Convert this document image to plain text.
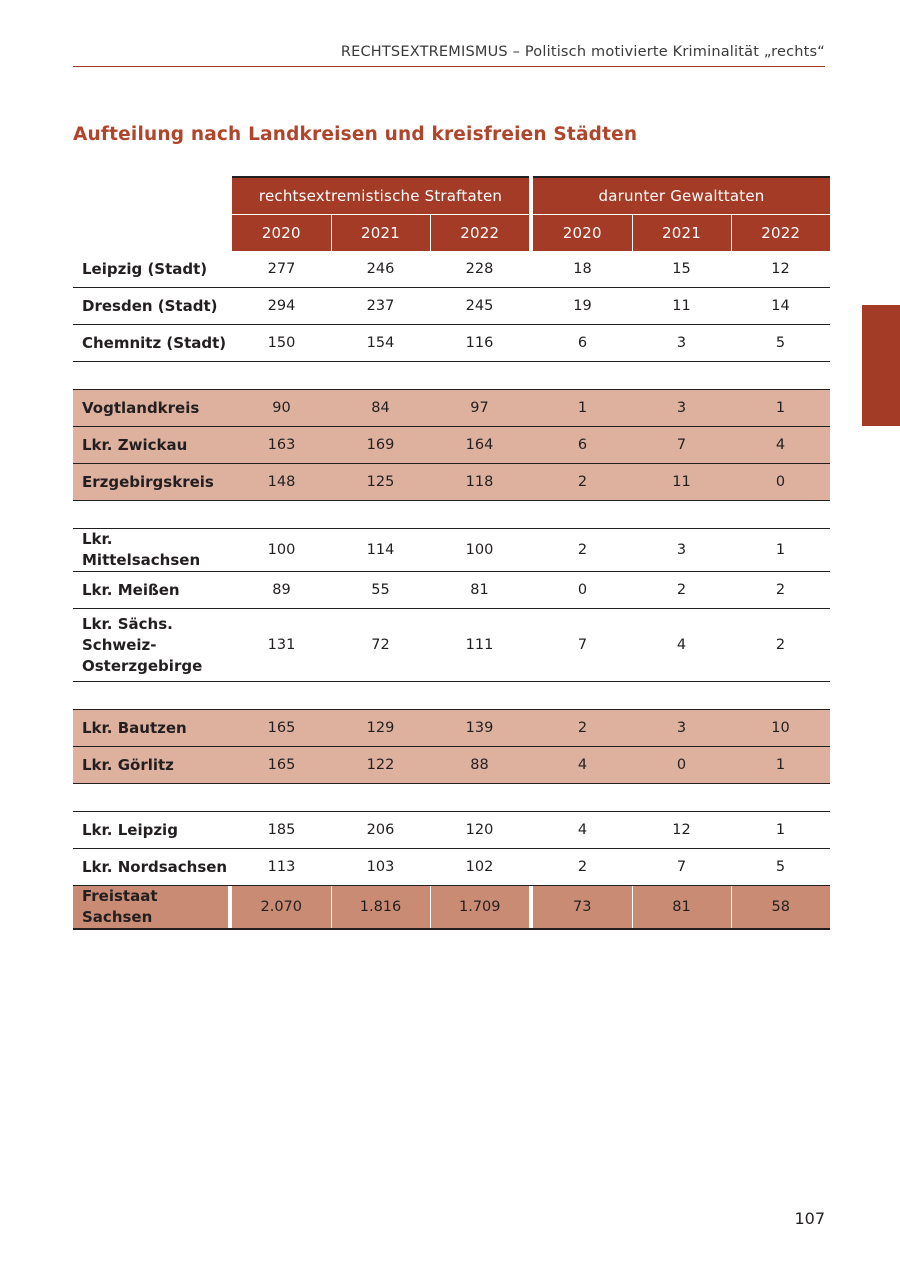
RECHTSEXTREMISMUS – Politisch motivierte Kriminalität „rechts“
Aufteilung nach Landkreisen und kreisfreien Städten
		rechtsextremistische Straftaten				darunter Gewalttaten		
		2020	2021	2022		2020	2021	2022
Leipzig (Stadt)		277	246	228		18	15	12
Dresden (Stadt)		294	237	245		19	11	14
Chemnitz (Stadt)		150	154	116		6	3	5

Vogtlandkreis		90	84	97		1	3	1
Lkr. Zwickau		163	169	164		6	7	4
Erzgebirgskreis		148	125	118		2	11	0

Lkr. Mittelsachsen		100	114	100		2	3	1
Lkr. Meißen		89	55	81		0	2	2
Lkr. Sächs.
Schweiz-
Osterzgebirge		131	72	111		7	4	2

Lkr. Bautzen		165	129	139		2	3	10
Lkr. Görlitz		165	122	88		4	0	1

Lkr. Leipzig		185	206	120		4	12	1
Lkr. Nordsachsen		113	103	102		2	7	5
Freistaat Sachsen		2.070	1.816	1.709		73	81	58
107
